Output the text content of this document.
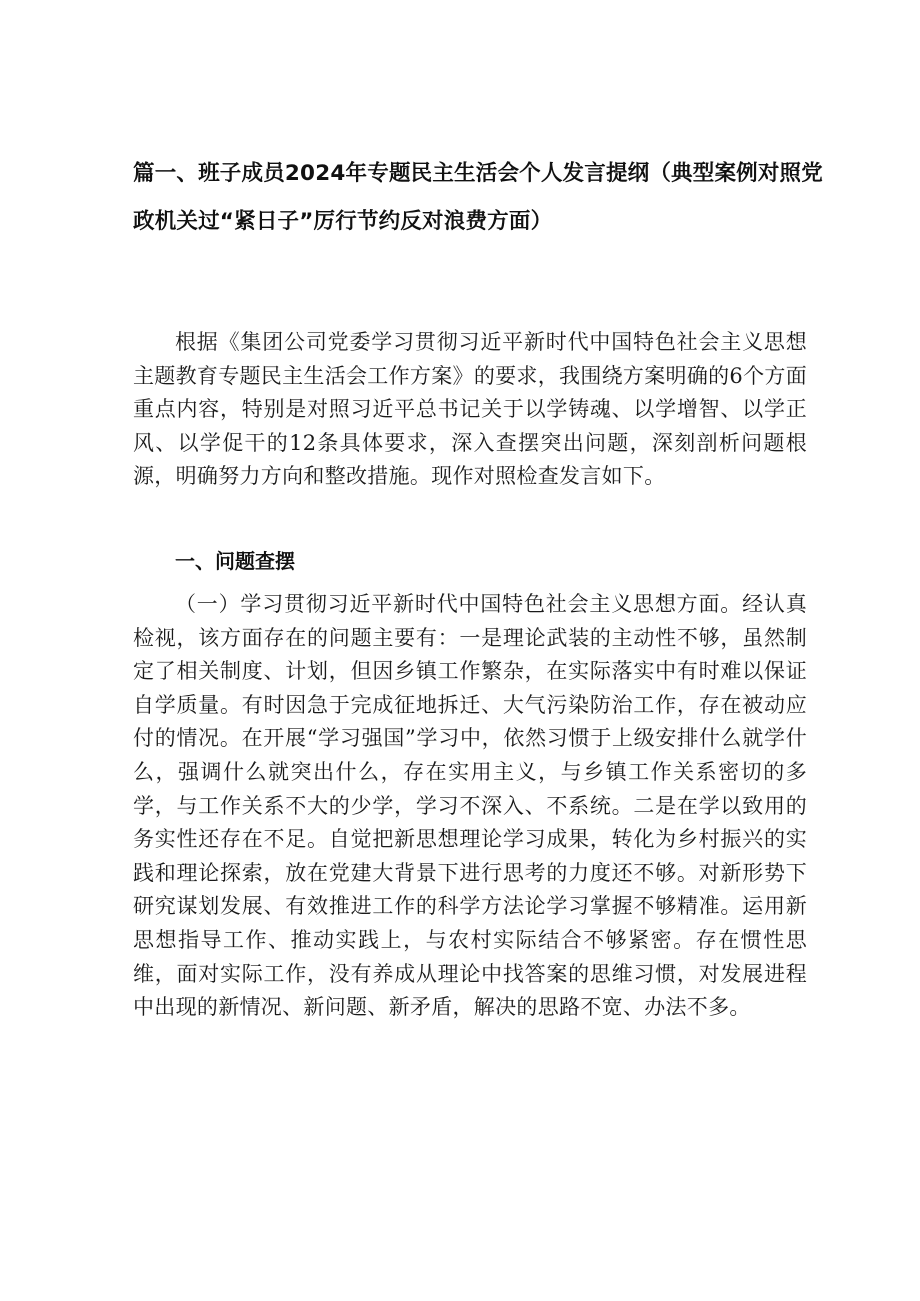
篇一、班子成员2024年专题民主生活会个人发言提纲（典型案例对照党政机关过“紧日子”厉行节约反对浪费方面）

根据《集团公司党委学习贯彻习近平新时代中国特色社会主义思想主题教育专题民主生活会工作方案》的要求，我围绕方案明确的6个方面重点内容，特别是对照习近平总书记关于以学铸魂、以学增智、以学正风、以学促干的12条具体要求，深入查摆突出问题，深刻剖析问题根源，明确努力方向和整改措施。现作对照检查发言如下。

一、问题查摆

（一）学习贯彻习近平新时代中国特色社会主义思想方面。经认真检视，该方面存在的问题主要有：一是理论武装的主动性不够，虽然制定了相关制度、计划，但因乡镇工作繁杂，在实际落实中有时难以保证自学质量。有时因急于完成征地拆迁、大气污染防治工作，存在被动应付的情况。在开展“学习强国”学习中，依然习惯于上级安排什么就学什么，强调什么就突出什么，存在实用主义，与乡镇工作关系密切的多学，与工作关系不大的少学，学习不深入、不系统。二是在学以致用的务实性还存在不足。自觉把新思想理论学习成果，转化为乡村振兴的实践和理论探索，放在党建大背景下进行思考的力度还不够。对新形势下研究谋划发展、有效推进工作的科学方法论学习掌握不够精准。运用新思想指导工作、推动实践上，与农村实际结合不够紧密。存在惯性思维，面对实际工作，没有养成从理论中找答案的思维习惯，对发展进程中出现的新情况、新问题、新矛盾，解决的思路不宽、办法不多。
